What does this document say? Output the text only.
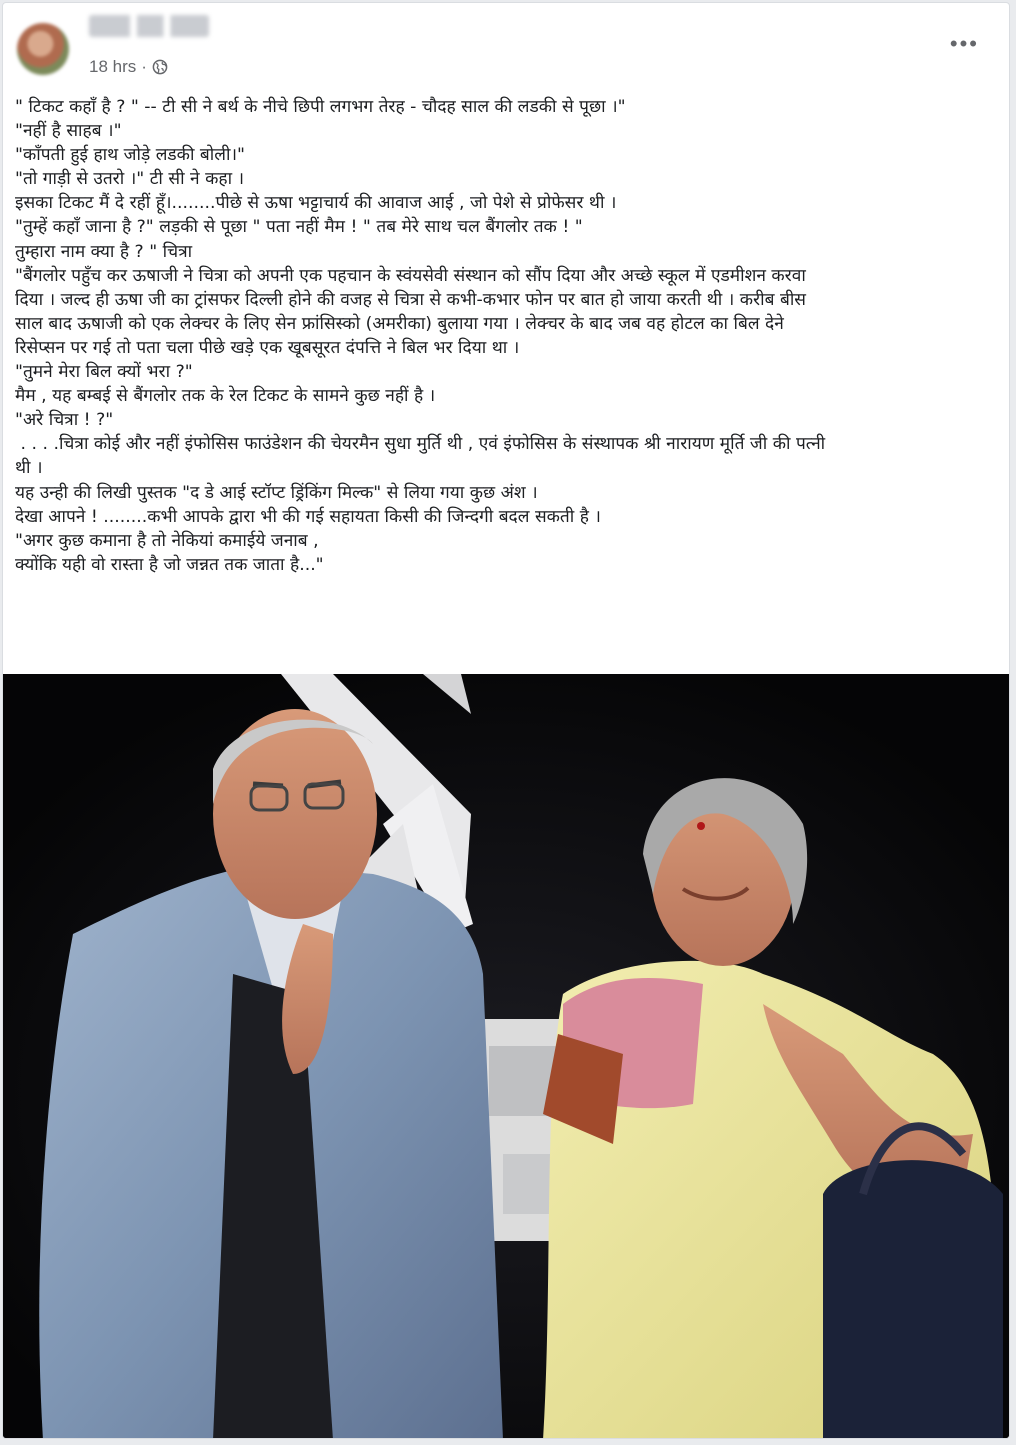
18 hrs ·
•••
" टिकट कहाँ है ? " -- टी सी ने बर्थ के नीचे छिपी लगभग तेरह - चौदह साल की लडकी से पूछा ।"
"नहीं है साहब ।"
"काँपती हुई हाथ जोड़े लडकी बोली।"
"तो गाड़ी से उतरो ।" टी सी ने कहा ।
इसका टिकट मैं दे रहीं हूँ।........पीछे से ऊषा भट्टाचार्य की आवाज आई , जो पेशे से प्रोफेसर थी ।
"तुम्हें कहाँ जाना है ?" लड़की से पूछा " पता नहीं मैम ! " तब मेरे साथ चल बैंगलोर तक ! "
तुम्हारा नाम क्या है ? " चित्रा
"बैंगलोर पहुँच कर ऊषाजी ने चित्रा को अपनी एक पहचान के स्वंयसेवी संस्थान को सौंप दिया और अच्छे स्कूल में एडमीशन करवा
दिया । जल्द ही ऊषा जी का ट्रांसफर दिल्ली होने की वजह से चित्रा से कभी-कभार फोन पर बात हो जाया करती थी । करीब बीस
साल बाद ऊषाजी को एक लेक्चर के लिए सेन फ्रांसिस्को (अमरीका) बुलाया गया । लेक्चर के बाद जब वह होटल का बिल देने
रिसेप्सन पर गई तो पता चला पीछे खड़े एक खूबसूरत दंपत्ति ने बिल भर दिया था ।
"तुमने मेरा बिल क्यों भरा ?"
मैम , यह बम्बई से बैंगलोर तक के रेल टिकट के सामने कुछ नहीं है ।
"अरे चित्रा ! ?"
. . . .चित्रा कोई और नहीं इंफोसिस फाउंडेशन की चेयरमैन सुधा मुर्ति थी , एवं इंफोसिस के संस्थापक श्री नारायण मूर्ति जी की पत्नी
थी ।
यह उन्ही की लिखी पुस्तक "द डे आई स्टॉप्ट ड्रिंकिंग मिल्क" से लिया गया कुछ अंश ।
देखा आपने ! ........कभी आपके द्वारा भी की गई सहायता किसी की जिन्दगी बदल सकती है ।
"अगर कुछ कमाना है तो नेकियां कमाईये जनाब ,
क्योंकि यही वो रास्ता है जो जन्नत तक जाता है..."
